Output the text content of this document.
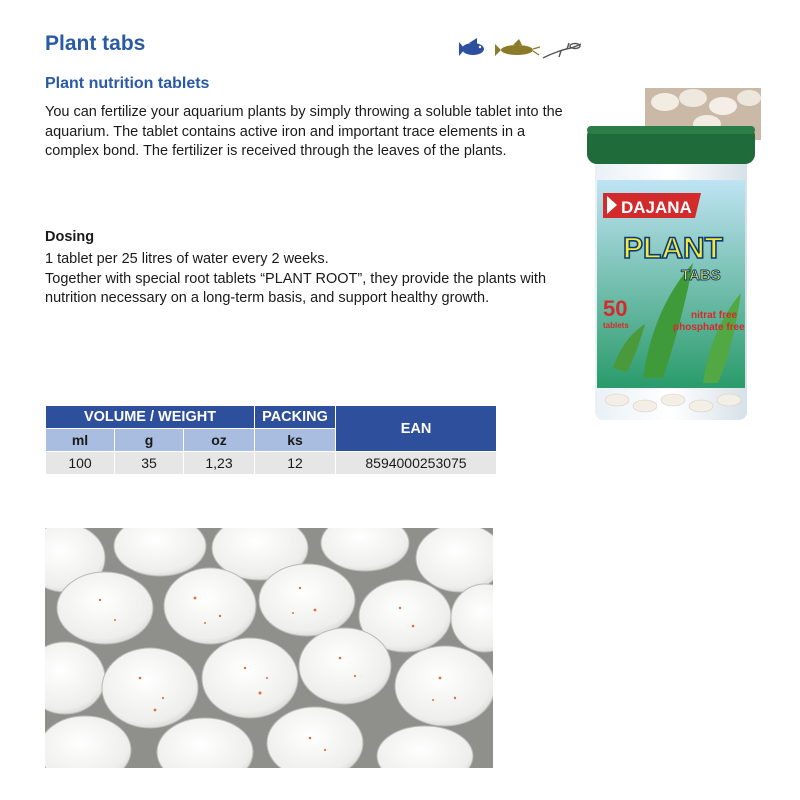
Plant tabs
Plant nutrition tablets
You can fertilize your aquarium plants by simply throwing a soluble tablet into the aquarium. The tablet contains active iron and important trace elements in a complex bond. The fertilizer is received through the leaves of the plants.
Dosing

1 tablet per 25 litres of water every 2 weeks.

Together with special root tablets “PLANT ROOT”, they provide the plants with nutrition necessary on a long-term basis, and support healthy growth.

DAJANA
PLANT
TABS
50
tablets
nitrat free
phosphate free
VOLUME / WEIGHT			PACKING	EAN
ml	g	oz	ks	
100	35	1,23	12	8594000253075
